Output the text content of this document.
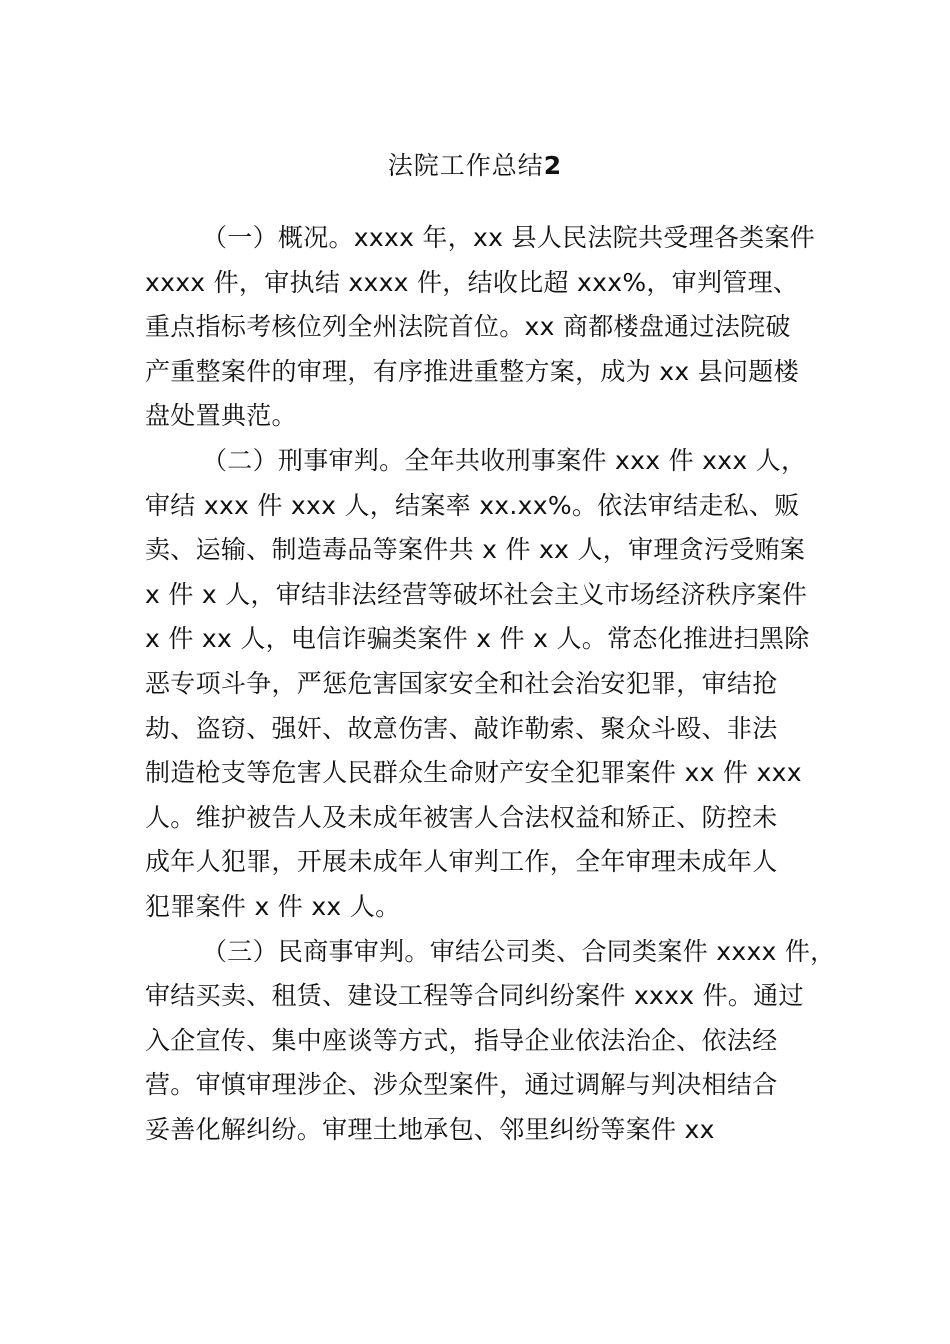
法院工作总结2

（一）概况。xxxx 年，xx 县人民法院共受理各类案件
xxxx 件，审执结 xxxx 件，结收比超 xxx%，审判管理、
重点指标考核位列全州法院首位。xx 商都楼盘通过法院破
产重整案件的审理，有序推进重整方案，成为 xx 县问题楼
盘处置典范。

（二）刑事审判。全年共收刑事案件 xxx 件 xxx 人，
审结 xxx 件 xxx 人，结案率 xx.xx%。依法审结走私、贩
卖、运输、制造毒品等案件共 x 件 xx 人，审理贪污受贿案
x 件 x 人，审结非法经营等破坏社会主义市场经济秩序案件
x 件 xx 人，电信诈骗类案件 x 件 x 人。常态化推进扫黑除
恶专项斗争，严惩危害国家安全和社会治安犯罪，审结抢
劫、盗窃、强奸、故意伤害、敲诈勒索、聚众斗殴、非法
制造枪支等危害人民群众生命财产安全犯罪案件 xx 件 xxx
人。维护被告人及未成年被害人合法权益和矫正、防控未
成年人犯罪，开展未成年人审判工作，全年审理未成年人
犯罪案件 x 件 xx 人。

（三）民商事审判。审结公司类、合同类案件 xxxx 件，
审结买卖、租赁、建设工程等合同纠纷案件 xxxx 件。通过
入企宣传、集中座谈等方式，指导企业依法治企、依法经
营。审慎审理涉企、涉众型案件，通过调解与判决相结合
妥善化解纠纷。审理土地承包、邻里纠纷等案件 xx
